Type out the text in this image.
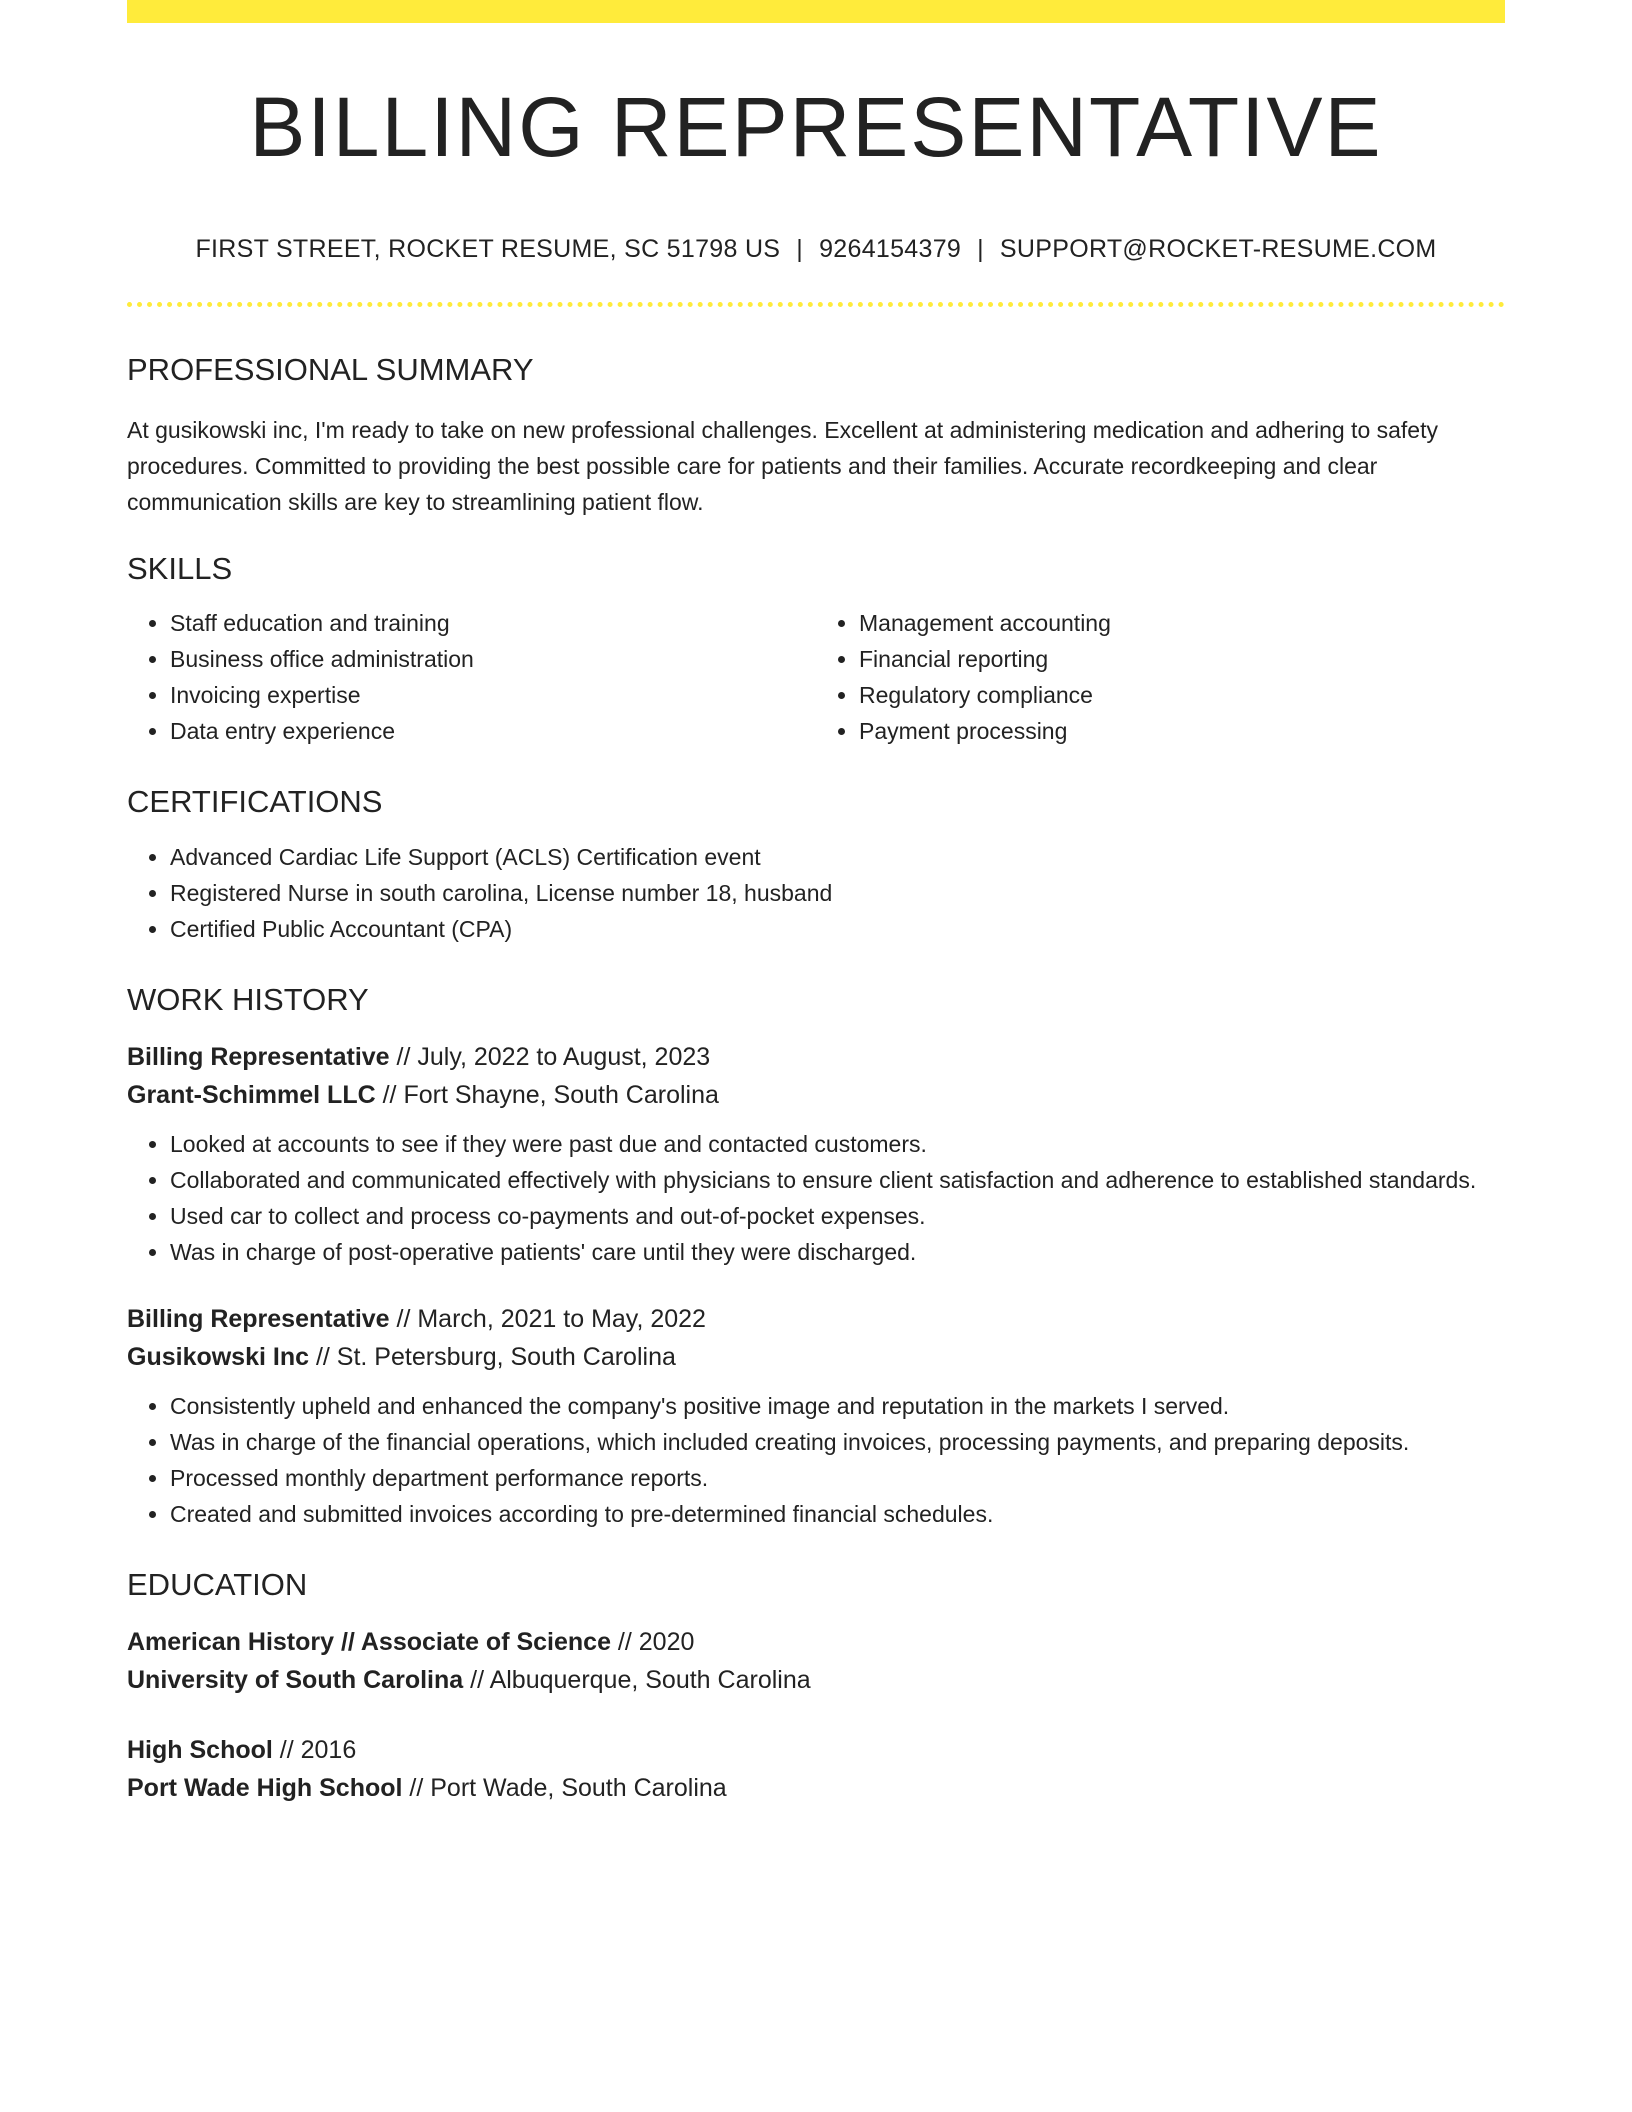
BILLING REPRESENTATIVE
FIRST STREET, ROCKET RESUME, SC 51798 US | 9264154379 | SUPPORT@ROCKET-RESUME.COM
PROFESSIONAL SUMMARY

At gusikowski inc, I'm ready to take on new professional challenges. Excellent at administering medication and adhering to safety procedures. Committed to providing the best possible care for patients and their families. Accurate recordkeeping and clear communication skills are key to streamlining patient flow.

SKILLS
• Staff education and training
• Business office administration
• Invoicing expertise
• Data entry experience
• Management accounting
• Financial reporting
• Regulatory compliance
• Payment processing
CERTIFICATIONS
• Advanced Cardiac Life Support (ACLS) Certification event
• Registered Nurse in south carolina, License number 18, husband
• Certified Public Accountant (CPA)
WORK HISTORY
Billing Representative // July, 2022 to August, 2023
Grant-Schimmel LLC // Fort Shayne, South Carolina
• Looked at accounts to see if they were past due and contacted customers.
• Collaborated and communicated effectively with physicians to ensure client satisfaction and adherence to established standards.
• Used car to collect and process co-payments and out-of-pocket expenses.
• Was in charge of post-operative patients' care until they were discharged.
Billing Representative // March, 2021 to May, 2022
Gusikowski Inc // St. Petersburg, South Carolina
• Consistently upheld and enhanced the company's positive image and reputation in the markets I served.
• Was in charge of the financial operations, which included creating invoices, processing payments, and preparing deposits.
• Processed monthly department performance reports.
• Created and submitted invoices according to pre-determined financial schedules.
EDUCATION
American History // Associate of Science // 2020
University of South Carolina // Albuquerque, South Carolina
High School // 2016
Port Wade High School // Port Wade, South Carolina
